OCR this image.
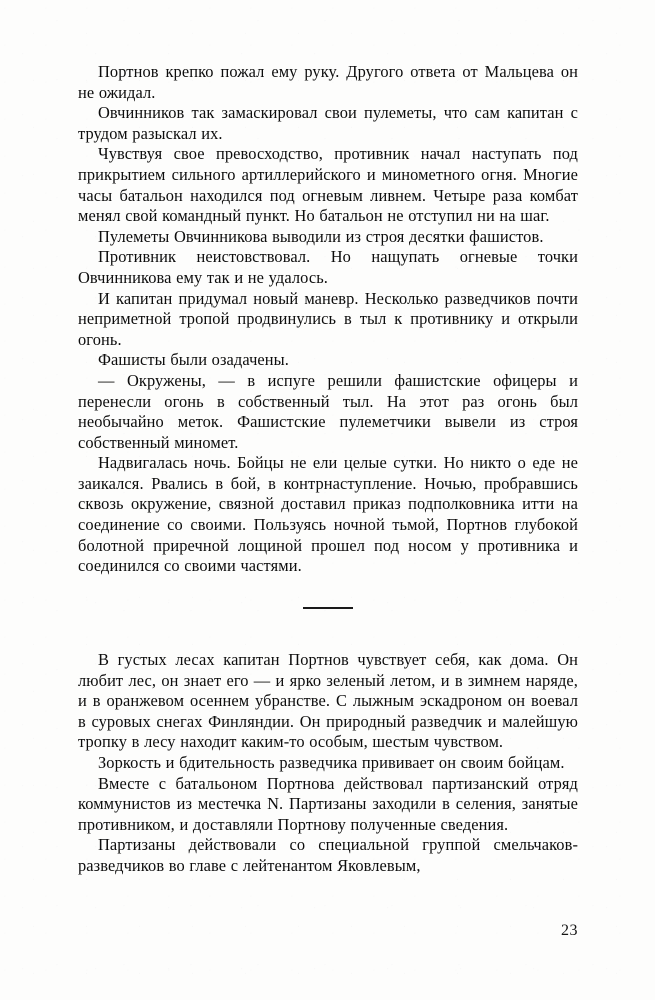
Портнов крепко пожал ему руку. Другого ответа от Мальцева он не ожидал.

Овчинников так замаскировал свои пулеметы, что сам капитан с трудом разыскал их.

Чувствуя свое превосходство, противник начал наступать под прикрытием сильного артиллерийского и минометного огня. Многие часы батальон находился под огневым ливнем. Четыре раза комбат менял свой командный пункт. Но батальон не отступил ни на шаг.

Пулеметы Овчинникова выводили из строя десятки фашистов.

Противник неистовствовал. Но нащупать огневые точки Овчинникова ему так и не удалось.

И капитан придумал новый маневр. Несколько разведчиков почти неприметной тропой продвинулись в тыл к противнику и открыли огонь.

Фашисты были озадачены.

— Окружены, — в испуге решили фашистские офицеры и перенесли огонь в собственный тыл. На этот раз огонь был необычайно меток. Фашистские пулеметчики вывели из строя собственный миномет.

Надвигалась ночь. Бойцы не ели целые сутки. Но никто о еде не заикался. Рвались в бой, в контрнаступление. Ночью, пробравшись сквозь окружение, связной доставил приказ подполковника итти на соединение со своими. Пользуясь ночной тьмой, Портнов глубокой болотной приречной лощиной прошел под носом у противника и соединился со своими частями.

В густых лесах капитан Портнов чувствует себя, как дома. Он любит лес, он знает его — и ярко зеленый летом, и в зимнем наряде, и в оранжевом осеннем убранстве. С лыжным эскадроном он воевал в суровых снегах Финляндии. Он природный разведчик и малейшую тропку в лесу находит каким-то особым, шестым чувством.

Зоркость и бдительность разведчика прививает он своим бойцам.

Вместе с батальоном Портнова действовал партизанский отряд коммунистов из местечка N. Партизаны заходили в селения, занятые противником, и доставляли Портнову полученные сведения.

Партизаны действовали со специальной группой смельчаков-разведчиков во главе с лейтенантом Яковлевым,

23
